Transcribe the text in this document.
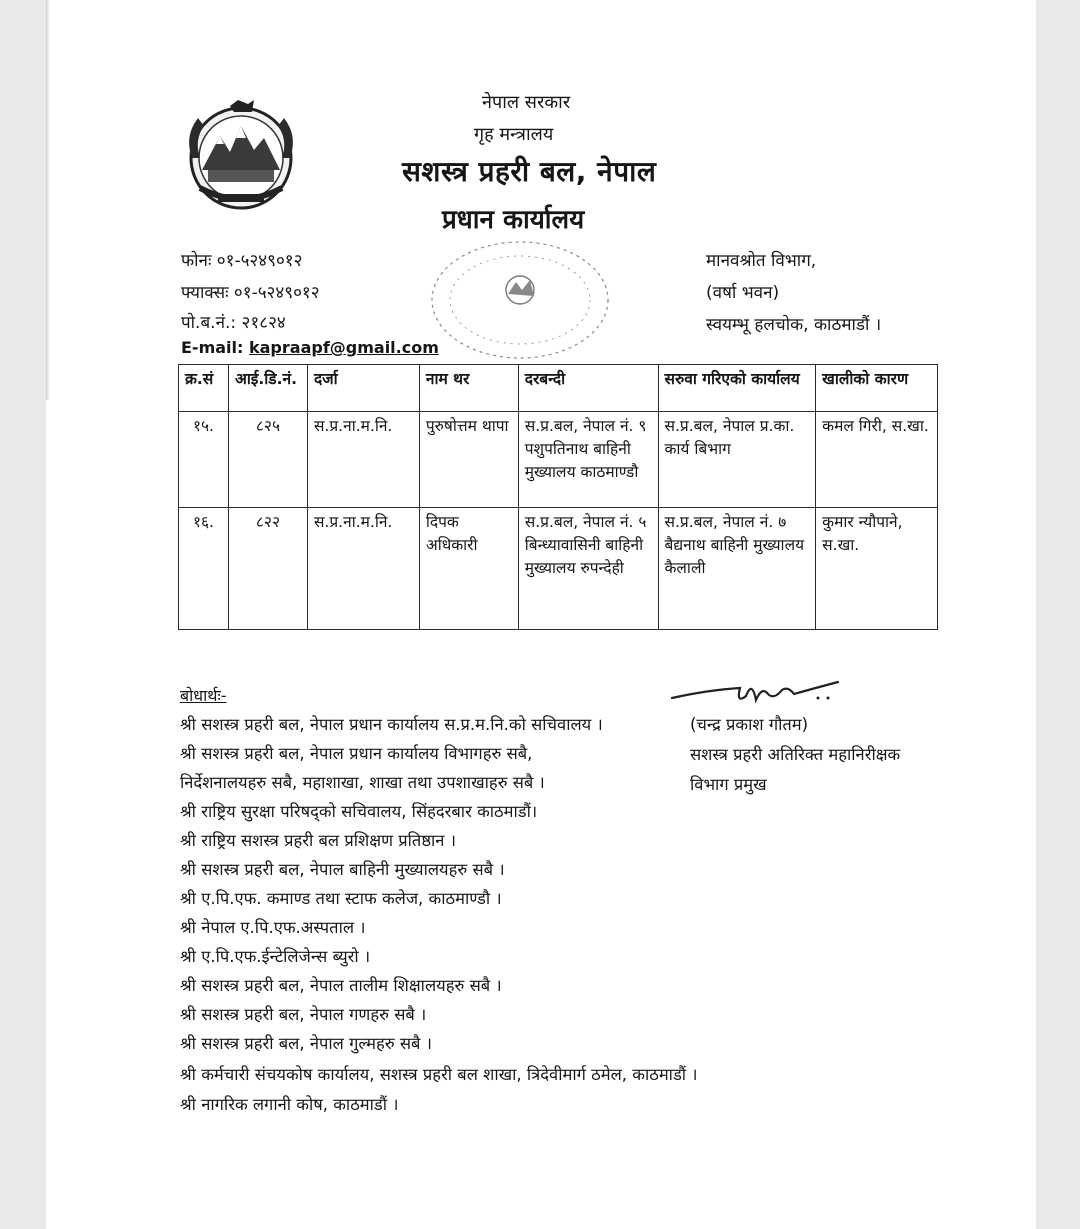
नेपाल सरकार
गृह मन्त्रालय
सशस्त्र प्रहरी बल, नेपाल
प्रधान कार्यालय
फोनः ०१-५२४९०१२
फ्याक्सः ०१-५२४९०१२
पो.ब.नं.: २१८२४
E-mail: kapraapf@gmail.com
मानवश्रोत विभाग,
(वर्षा भवन)
स्वयम्भू हलचोक, काठमाडौं ।
क्र.सं	आई.डि.नं.	दर्जा	नाम थर	दरबन्दी	सरुवा गरिएको कार्यालय	खालीको कारण
१५.	८२५	स.प्र.ना.म.नि.	पुरुषोत्तम थापा	स.प्र.बल, नेपाल नं. ९ पशुपतिनाथ बाहिनी मुख्यालय काठमाण्डौ	स.प्र.बल, नेपाल प्र.का. कार्य बिभाग	कमल गिरी, स.खा.
१६.	८२२	स.प्र.ना.म.नि.	दिपक अधिकारी	स.प्र.बल, नेपाल नं. ५ बिन्ध्यावासिनी बाहिनी मुख्यालय रुपन्देही	स.प्र.बल, नेपाल नं. ७ बैद्यनाथ बाहिनी मुख्यालय कैलाली	कुमार न्यौपाने, स.खा.
बोधार्थः-
श्री सशस्त्र प्रहरी बल, नेपाल प्रधान कार्यालय स.प्र.म.नि.को सचिवालय ।
श्री सशस्त्र प्रहरी बल, नेपाल प्रधान कार्यालय विभागहरु सबै,
निर्देशनालयहरु सबै, महाशाखा, शाखा तथा उपशाखाहरु सबै ।
श्री राष्ट्रिय सुरक्षा परिषद्को सचिवालय, सिंहदरबार काठमाडौं।
श्री राष्ट्रिय सशस्त्र प्रहरी बल प्रशिक्षण प्रतिष्ठान ।
श्री सशस्त्र प्रहरी बल, नेपाल बाहिनी मुख्यालयहरु सबै ।
श्री ए.पि.एफ. कमाण्ड तथा स्टाफ कलेज, काठमाण्डौ ।
श्री नेपाल ए.पि.एफ.अस्पताल ।
श्री ए.पि.एफ.ईन्टेलिजेन्स ब्युरो ।
श्री सशस्त्र प्रहरी बल, नेपाल तालीम शिक्षालयहरु सबै ।
श्री सशस्त्र प्रहरी बल, नेपाल गणहरु सबै ।
श्री सशस्त्र प्रहरी बल, नेपाल गुल्महरु सबै ।
श्री कर्मचारी संचयकोष कार्यालय, सशस्त्र प्रहरी बल शाखा, त्रिदेवीमार्ग ठमेल, काठमाडौं ।
श्री नागरिक लगानी कोष, काठमाडौं ।
(चन्द्र प्रकाश गौतम)
सशस्त्र प्रहरी अतिरिक्त महानिरीक्षक
विभाग प्रमुख
